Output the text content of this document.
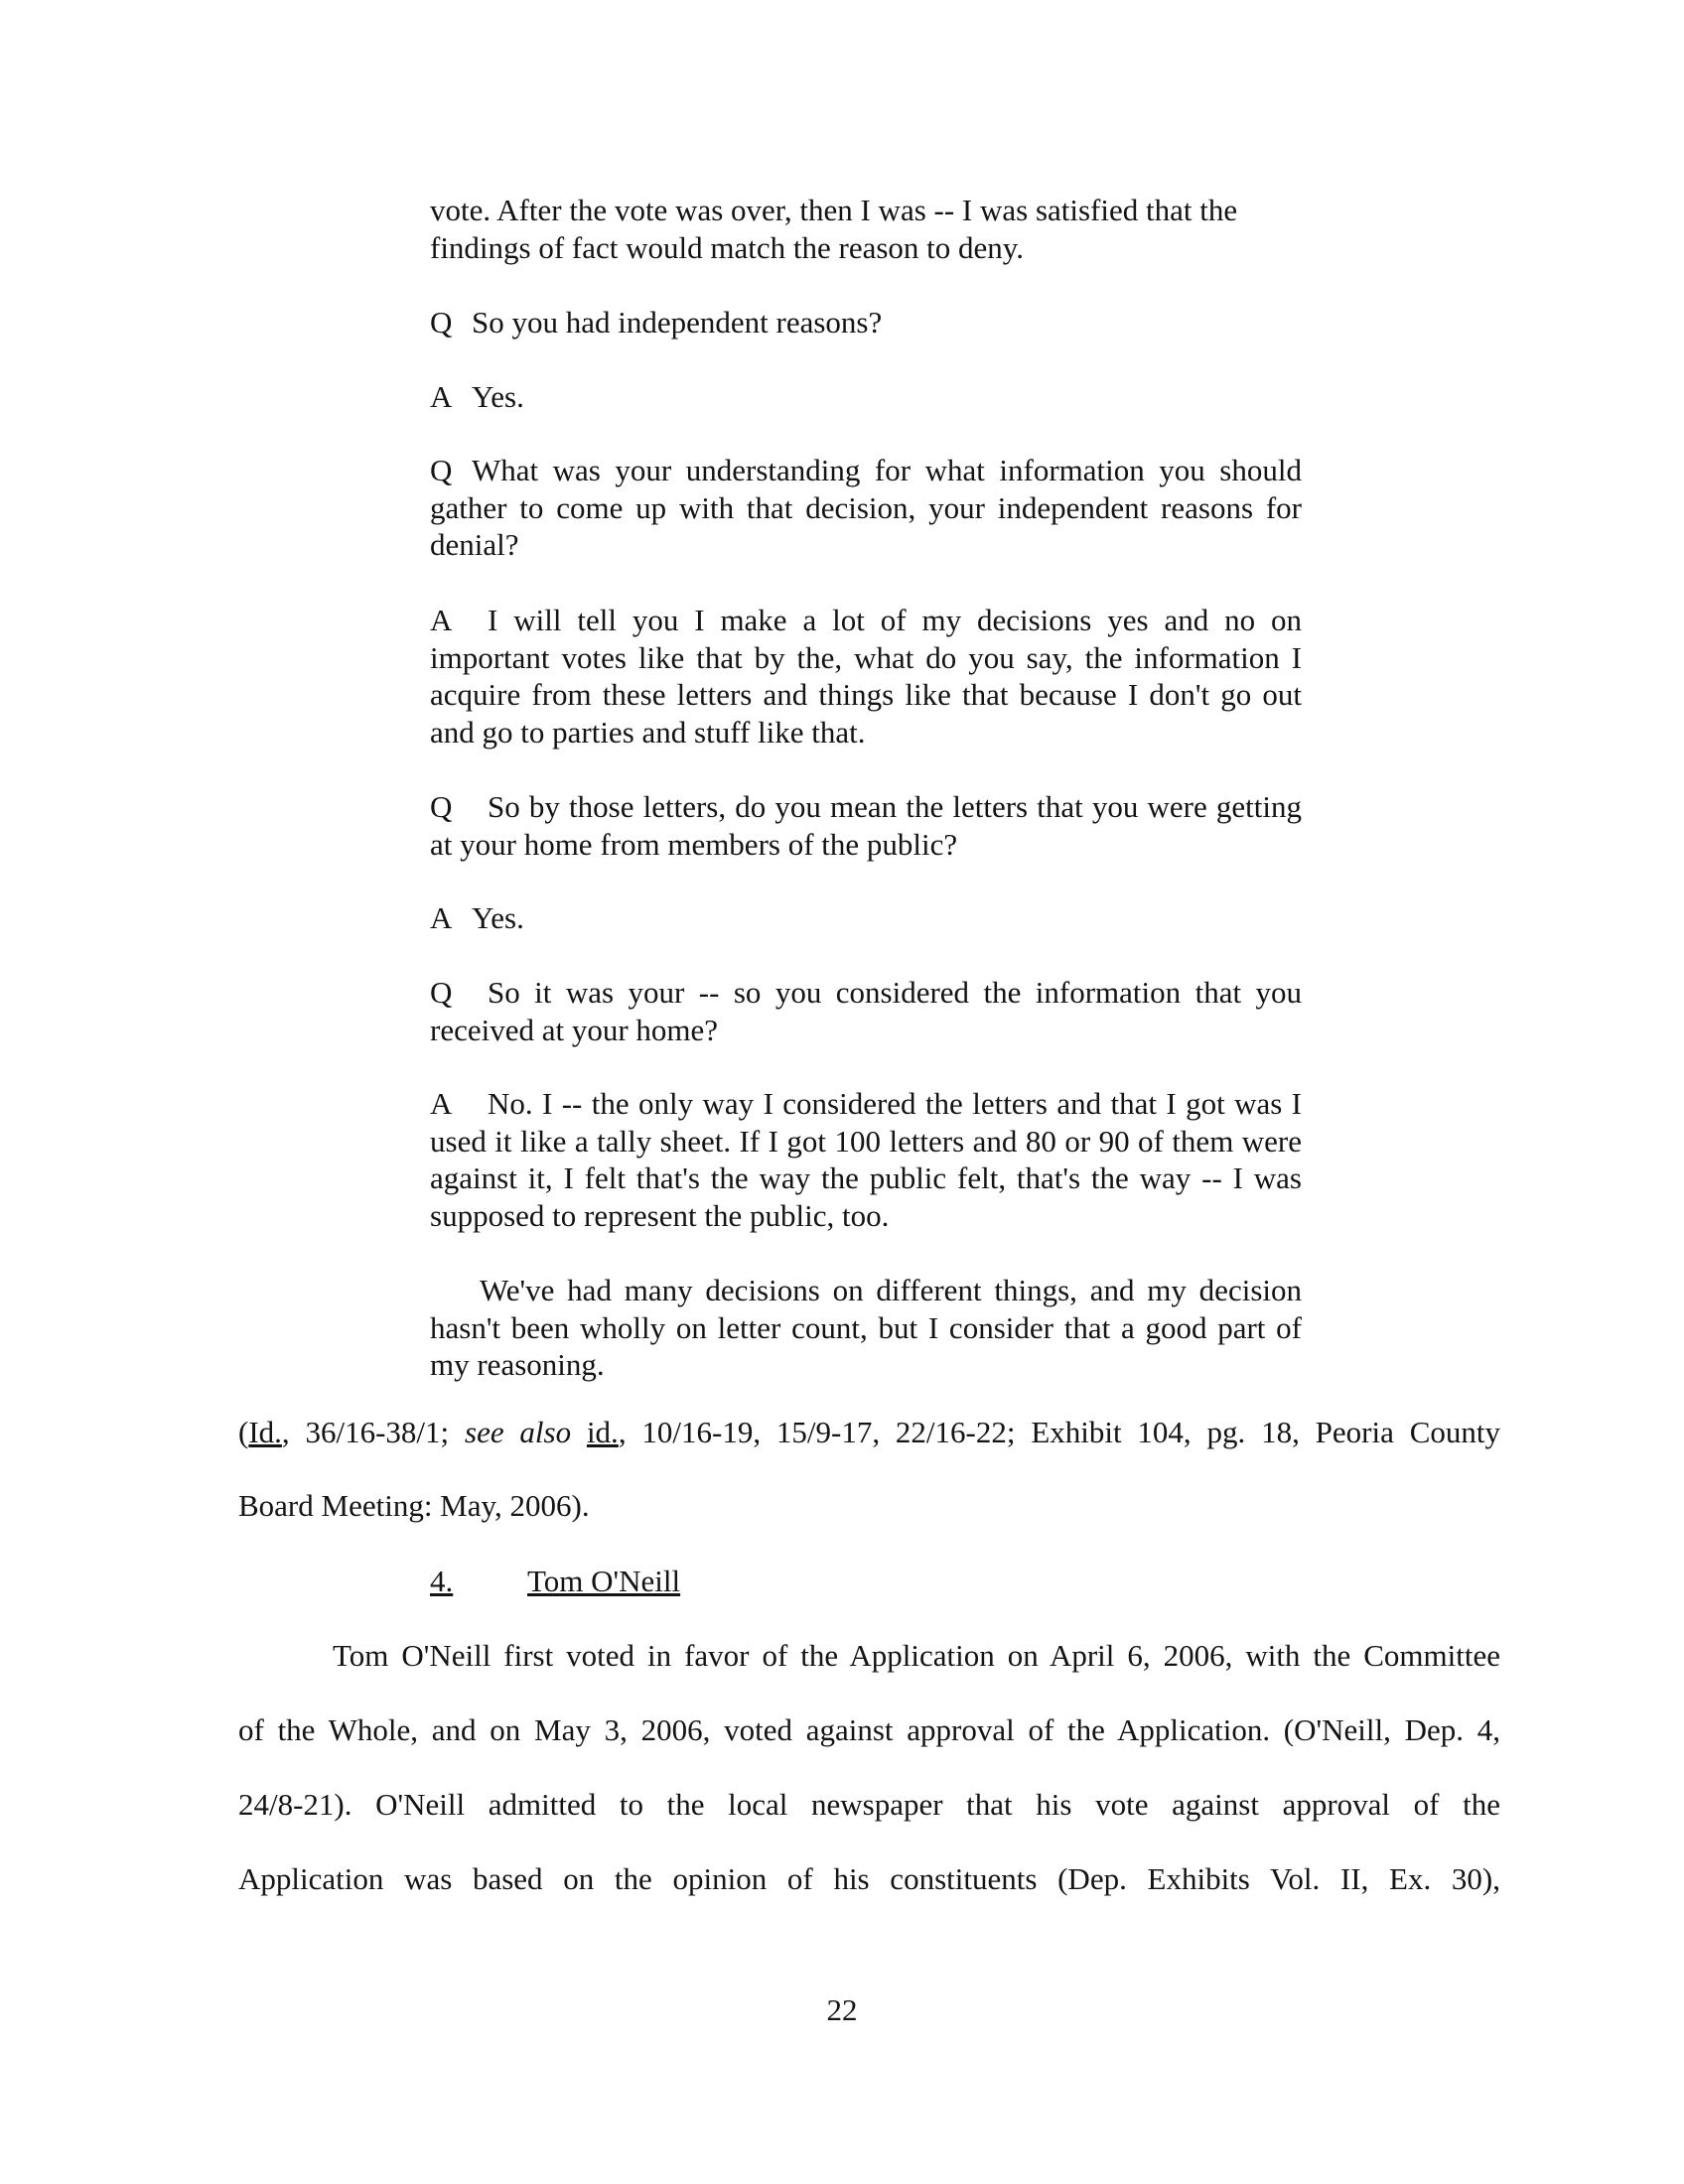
vote. After the vote was over, then I was -- I was satisfied that the
findings of fact would match the reason to deny.
Q So you had independent reasons?
A Yes.
Q What was your understanding for what information you should gather to come up with that decision, your independent reasons for denial?
A I will tell you I make a lot of my decisions yes and no on important votes like that by the, what do you say, the information I acquire from these letters and things like that because I don't go out and go to parties and stuff like that.
Q So by those letters, do you mean the letters that you were getting at your home from members of the public?
A Yes.
Q So it was your -- so you considered the information that you received at your home?
A No. I -- the only way I considered the letters and that I got was I used it like a tally sheet. If I got 100 letters and 80 or 90 of them were against it, I felt that's the way the public felt, that's the way -- I was supposed to represent the public, too.
We've had many decisions on different things, and my decision hasn't been wholly on letter count, but I consider that a good part of my reasoning.
(Id., 36/16-38/1; see also id., 10/16-19, 15/9-17, 22/16-22; Exhibit 104, pg. 18, Peoria County
Board Meeting: May, 2006).
4. Tom O'Neill
Tom O'Neill first voted in favor of the Application on April 6, 2006, with the Committee
of the Whole, and on May 3, 2006, voted against approval of the Application. (O'Neill, Dep. 4,
24/8-21). O'Neill admitted to the local newspaper that his vote against approval of the
Application was based on the opinion of his constituents (Dep. Exhibits Vol. II, Ex. 30),
22
